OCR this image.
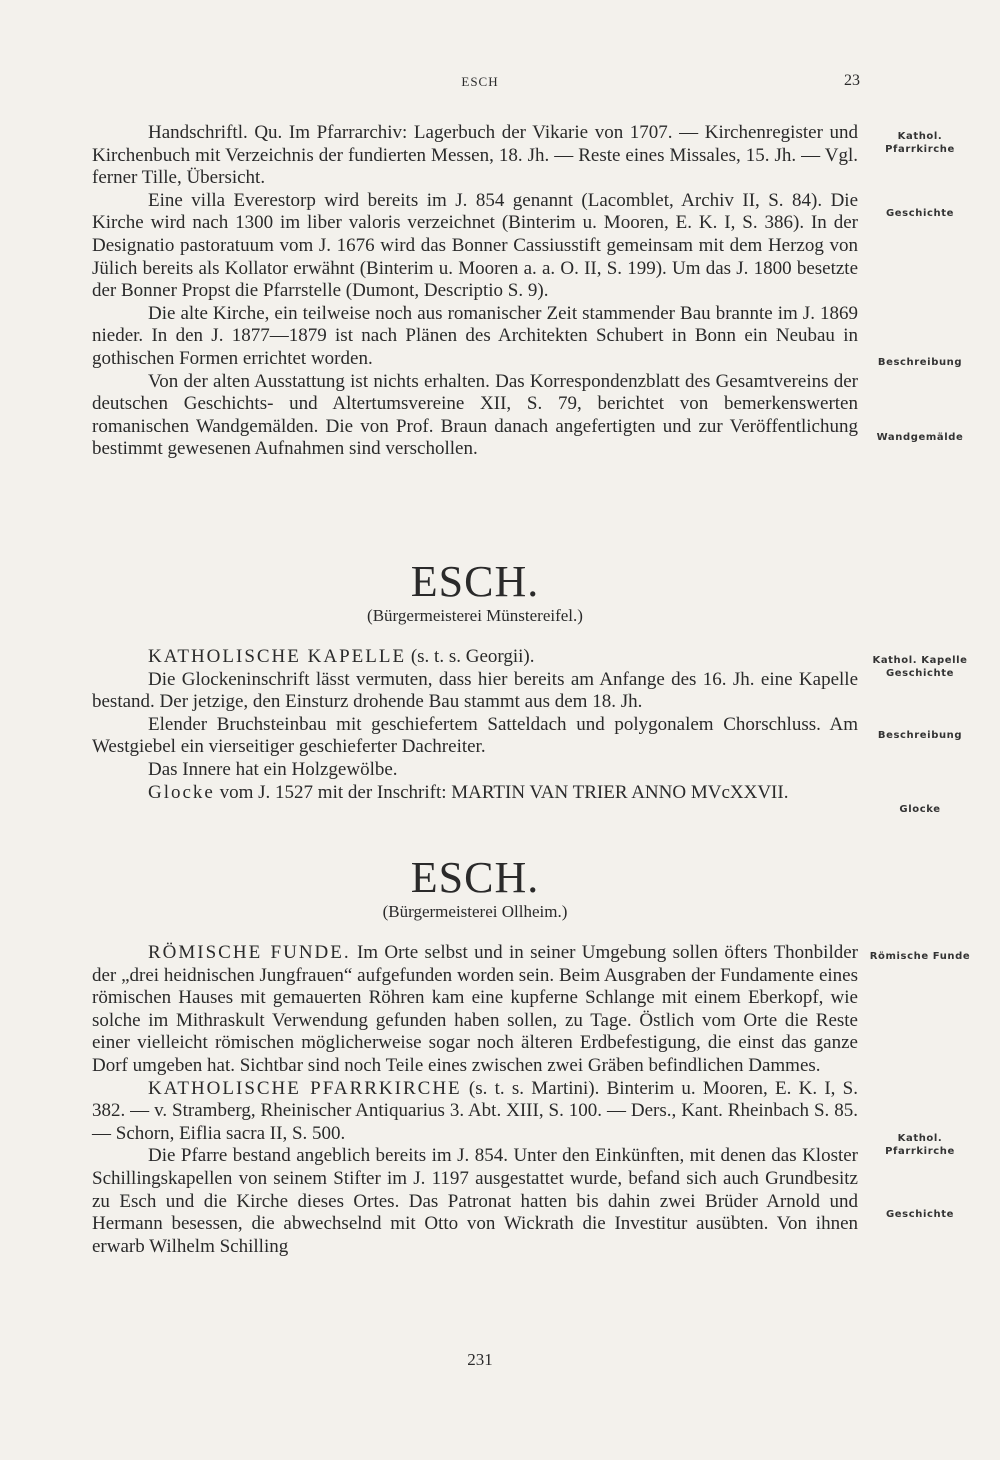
ESCH	23

Handschriftl. Qu. Im Pfarrarchiv: Lagerbuch der Vikarie von 1707. — Kirchenregister und Kirchenbuch mit Verzeichnis der fundierten Messen, 18. Jh. — Reste eines Missales, 15. Jh. — Vgl. ferner Tille, Übersicht.

Eine villa Everestorp wird bereits im J. 854 genannt (Lacomblet, Archiv II, S. 84). Die Kirche wird nach 1300 im liber valoris verzeichnet (Binterim u. Mooren, E. K. I, S. 386). In der Designatio pastoratuum vom J. 1676 wird das Bonner Cassiusstift gemeinsam mit dem Herzog von Jülich bereits als Kollator erwähnt (Binterim u. Mooren a. a. O. II, S. 199). Um das J. 1800 besetzte der Bonner Propst die Pfarrstelle (Dumont, Descriptio S. 9).

Die alte Kirche, ein teilweise noch aus romanischer Zeit stammender Bau brannte im J. 1869 nieder. In den J. 1877—1879 ist nach Plänen des Architekten Schubert in Bonn ein Neubau in gothischen Formen errichtet worden.

Von der alten Ausstattung ist nichts erhalten. Das Korrespondenzblatt des Gesamtvereins der deutschen Geschichts- und Altertumsvereine XII, S. 79, berichtet von bemerkenswerten romanischen Wandgemälden. Die von Prof. Braun danach angefertigten und zur Veröffentlichung bestimmt gewesenen Aufnahmen sind verschollen.

ESCH.
(Bürgermeisterei Münstereifel.)

KATHOLISCHE KAPELLE (s. t. s. Georgii).

Die Glockeninschrift lässt vermuten, dass hier bereits am Anfange des 16. Jh. eine Kapelle bestand. Der jetzige, den Einsturz drohende Bau stammt aus dem 18. Jh.

Elender Bruchsteinbau mit geschiefertem Satteldach und polygonalem Chorschluss. Am Westgiebel ein vierseitiger geschieferter Dachreiter.

Das Innere hat ein Holzgewölbe.

Glocke vom J. 1527 mit der Inschrift: MARTIN VAN TRIER ANNO MVcXXVII.

ESCH.
(Bürgermeisterei Ollheim.)

RÖMISCHE FUNDE. Im Orte selbst und in seiner Umgebung sollen öfters Thonbilder der „drei heidnischen Jungfrauen“ aufgefunden worden sein. Beim Ausgraben der Fundamente eines römischen Hauses mit gemauerten Röhren kam eine kupferne Schlange mit einem Eberkopf, wie solche im Mithraskult Verwendung gefunden haben sollen, zu Tage. Östlich vom Orte die Reste einer vielleicht römischen möglicherweise sogar noch älteren Erdbefestigung, die einst das ganze Dorf umgeben hat. Sichtbar sind noch Teile eines zwischen zwei Gräben befindlichen Dammes.

KATHOLISCHE PFARRKIRCHE (s. t. s. Martini). Binterim u. Mooren, E. K. I, S. 382. — v. Stramberg, Rheinischer Antiquarius 3. Abt. XIII, S. 100. — Ders., Kant. Rheinbach S. 85. — Schorn, Eiflia sacra II, S. 500.

Die Pfarre bestand angeblich bereits im J. 854. Unter den Einkünften, mit denen das Kloster Schillingskapellen von seinem Stifter im J. 1197 ausgestattet wurde, befand sich auch Grundbesitz zu Esch und die Kirche dieses Ortes. Das Patronat hatten bis dahin zwei Brüder Arnold und Hermann besessen, die abwechselnd mit Otto von Wickrath die Investitur ausübten. Von ihnen erwarb Wilhelm Schilling

Kathol. Pfarrkirche
Geschichte
Beschreibung
Wandgemälde
Kathol. Kapelle Geschichte
Beschreibung
Glocke
Römische Funde
Kathol. Pfarrkirche
Geschichte
231
